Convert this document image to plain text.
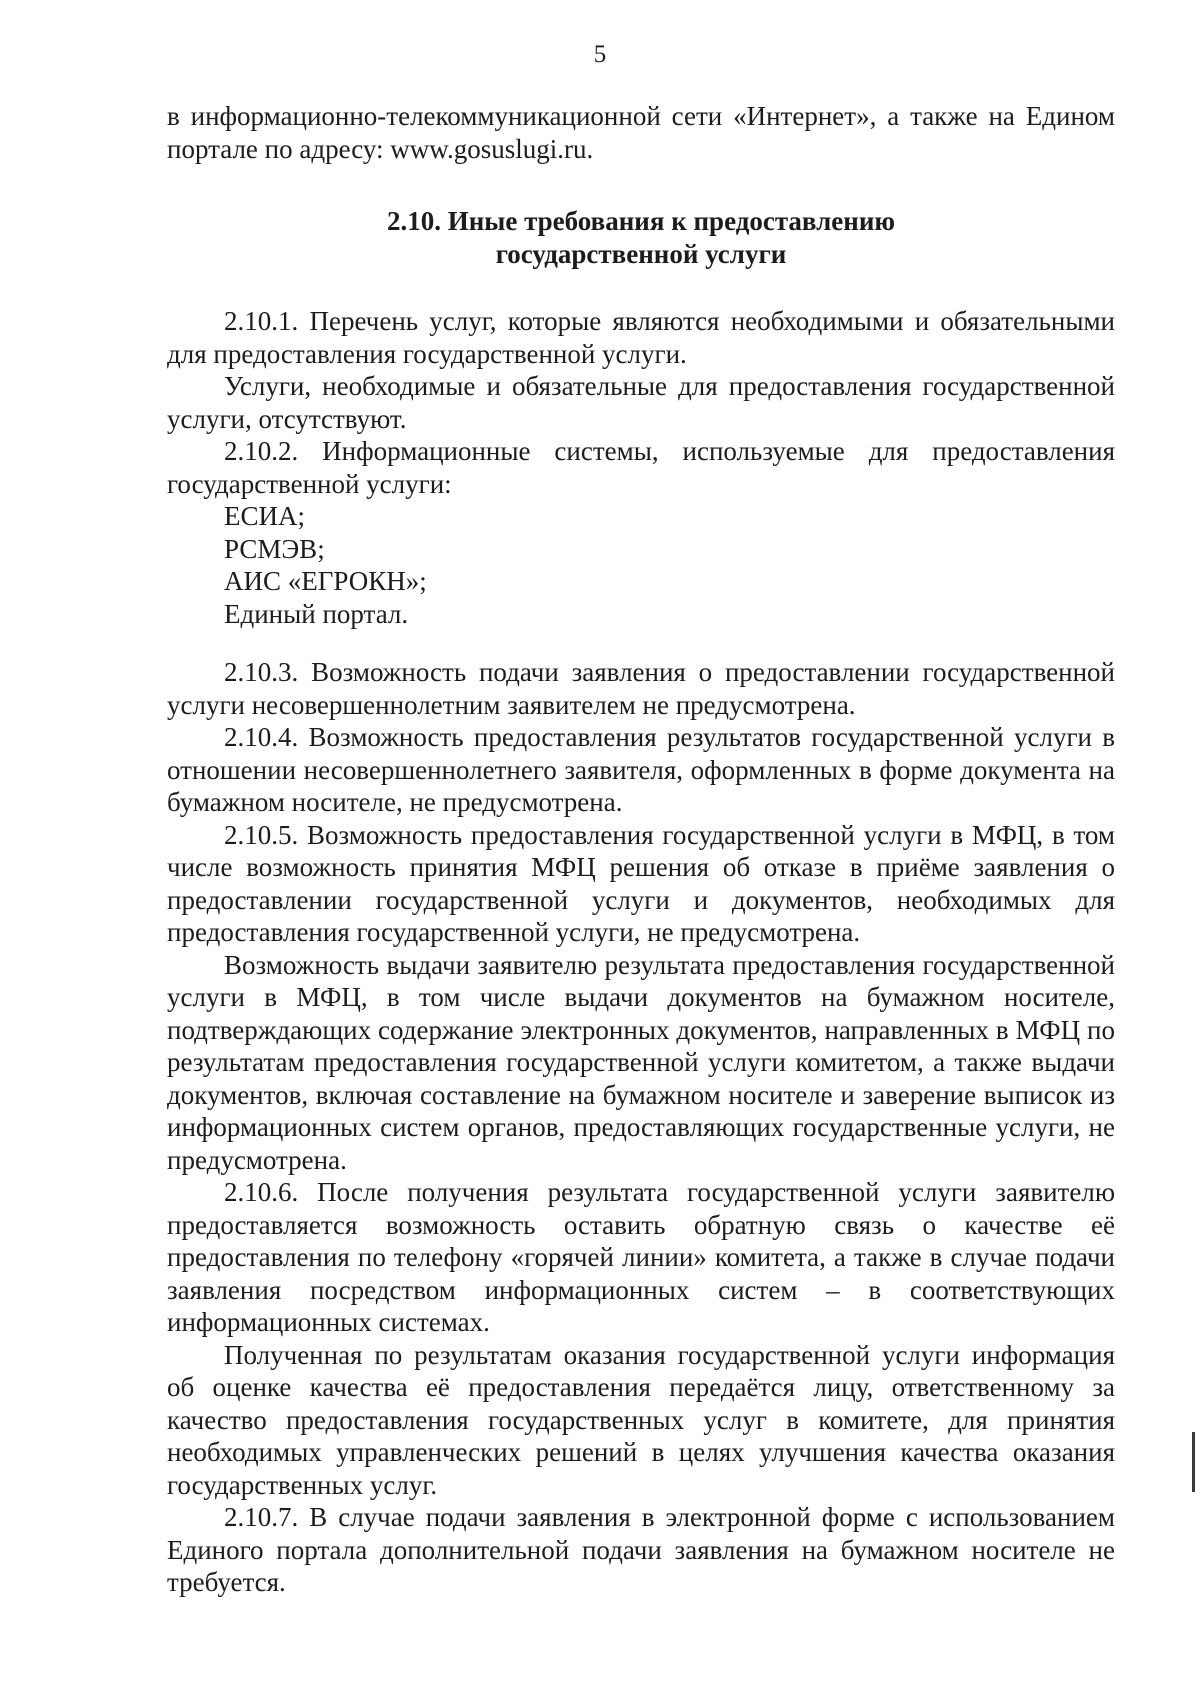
5

в информационно-телекоммуникационной сети «Интернет», а также на Едином портале по адресу: www.gosuslugi.ru.

2.10. Иные требования к предоставлению
государственной услуги

2.10.1. Перечень услуг, которые являются необходимыми и обязательными для предоставления государственной услуги.

Услуги, необходимые и обязательные для предоставления государственной услуги, отсутствуют.

2.10.2. Информационные системы, используемые для предоставления государственной услуги:

ЕСИА;

РСМЭВ;

АИС «ЕГРОКН»;

Единый портал.

2.10.3. Возможность подачи заявления о предоставлении государственной услуги несовершеннолетним заявителем не предусмотрена.

2.10.4. Возможность предоставления результатов государственной услуги в отношении несовершеннолетнего заявителя, оформленных в форме документа на бумажном носителе, не предусмотрена.

2.10.5. Возможность предоставления государственной услуги в МФЦ, в том числе возможность принятия МФЦ решения об отказе в приёме заявления о предоставлении государственной услуги и документов, необходимых для предоставления государственной услуги, не предусмотрена.

Возможность выдачи заявителю результата предоставления государственной услуги в МФЦ, в том числе выдачи документов на бумажном носителе, подтверждающих содержание электронных документов, направленных в МФЦ по результатам предоставления государственной услуги комитетом, а также выдачи документов, включая составление на бумажном носителе и заверение выписок из информационных систем органов, предоставляющих государственные услуги, не предусмотрена.

2.10.6. После получения результата государственной услуги заявителю предоставляется возможность оставить обратную связь о качестве её предоставления по телефону «горячей линии» комитета, а также в случае подачи заявления посредством информационных систем – в соответствующих информационных системах.

Полученная по результатам оказания государственной услуги информация об оценке качества её предоставления передаётся лицу, ответственному за качество предоставления государственных услуг в комитете, для принятия необходимых управленческих решений в целях улучшения качества оказания государственных услуг.

2.10.7. В случае подачи заявления в электронной форме с использованием Единого портала дополнительной подачи заявления на бумажном носителе не требуется.
